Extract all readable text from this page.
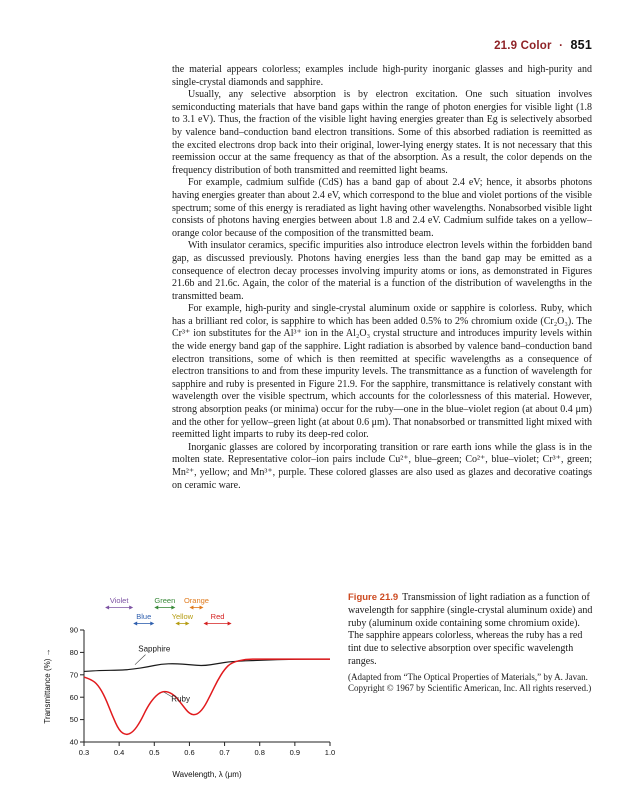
21.9 Color · 851

the material appears colorless; examples include high-purity inorganic glasses and high-purity and single-crystal diamonds and sapphire.

Usually, any selective absorption is by electron excitation. One such situation involves semiconducting materials that have band gaps within the range of photon energies for visible light (1.8 to 3.1 eV). Thus, the fraction of the visible light having energies greater than Eg is selectively absorbed by valence band–conduction band electron transitions. Some of this absorbed radiation is reemitted as the excited electrons drop back into their original, lower-lying energy states. It is not necessary that this reemission occur at the same frequency as that of the absorption. As a result, the color depends on the frequency distribution of both transmitted and reemitted light beams.

For example, cadmium sulfide (CdS) has a band gap of about 2.4 eV; hence, it absorbs photons having energies greater than about 2.4 eV, which correspond to the blue and violet portions of the visible spectrum; some of this energy is reradiated as light having other wavelengths. Nonabsorbed visible light consists of photons having energies between about 1.8 and 2.4 eV. Cadmium sulfide takes on a yellow–orange color because of the composition of the transmitted beam.

With insulator ceramics, specific impurities also introduce electron levels within the forbidden band gap, as discussed previously. Photons having energies less than the band gap may be emitted as a consequence of electron decay processes involving impurity atoms or ions, as demonstrated in Figures 21.6b and 21.6c. Again, the color of the material is a function of the distribution of wavelengths in the transmitted beam.

For example, high-purity and single-crystal aluminum oxide or sapphire is colorless. Ruby, which has a brilliant red color, is sapphire to which has been added 0.5% to 2% chromium oxide (Cr₂O₃). The Cr³⁺ ion substitutes for the Al³⁺ ion in the Al₂O₃ crystal structure and introduces impurity levels within the wide energy band gap of the sapphire. Light radiation is absorbed by valence band–conduction band electron transitions, some of which is then reemitted at specific wavelengths as a consequence of electron transitions to and from these impurity levels. The transmittance as a function of wavelength for sapphire and ruby is presented in Figure 21.9. For the sapphire, transmittance is relatively constant with wavelength over the visible spectrum, which accounts for the colorlessness of this material. However, strong absorption peaks (or minima) occur for the ruby—one in the blue–violet region (at about 0.4 μm) and the other for yellow–green light (at about 0.6 μm). That nonabsorbed or transmitted light mixed with reemitted light imparts to ruby its deep-red color.

Inorganic glasses are colored by incorporating transition or rare earth ions while the glass is in the molten state. Representative color–ion pairs include Cu²⁺, blue–green; Co²⁺, blue–violet; Cr³⁺, green; Mn²⁺, yellow; and Mn³⁺, purple. These colored glasses are also used as glazes and decorative coatings on ceramic ware.

Violet
Blue
Green
Yellow
Orange
Red
40
50
60
70
80
90
0.3	0.4	0.5	0.6	0.7	0.8	0.9	1.0
Wavelength, λ (μm)
Transmittance (%) →	Sapphire
Ruby
Figure 21.9 Transmission of light radiation as a function of wavelength for sapphire (single-crystal aluminum oxide) and ruby (aluminum oxide containing some chromium oxide). The sapphire appears colorless, whereas the ruby has a red tint due to selective absorption over specific wavelength ranges.
(Adapted from “The Optical Properties of Materials,” by A. Javan. Copyright © 1967 by Scientific American, Inc. All rights reserved.)
